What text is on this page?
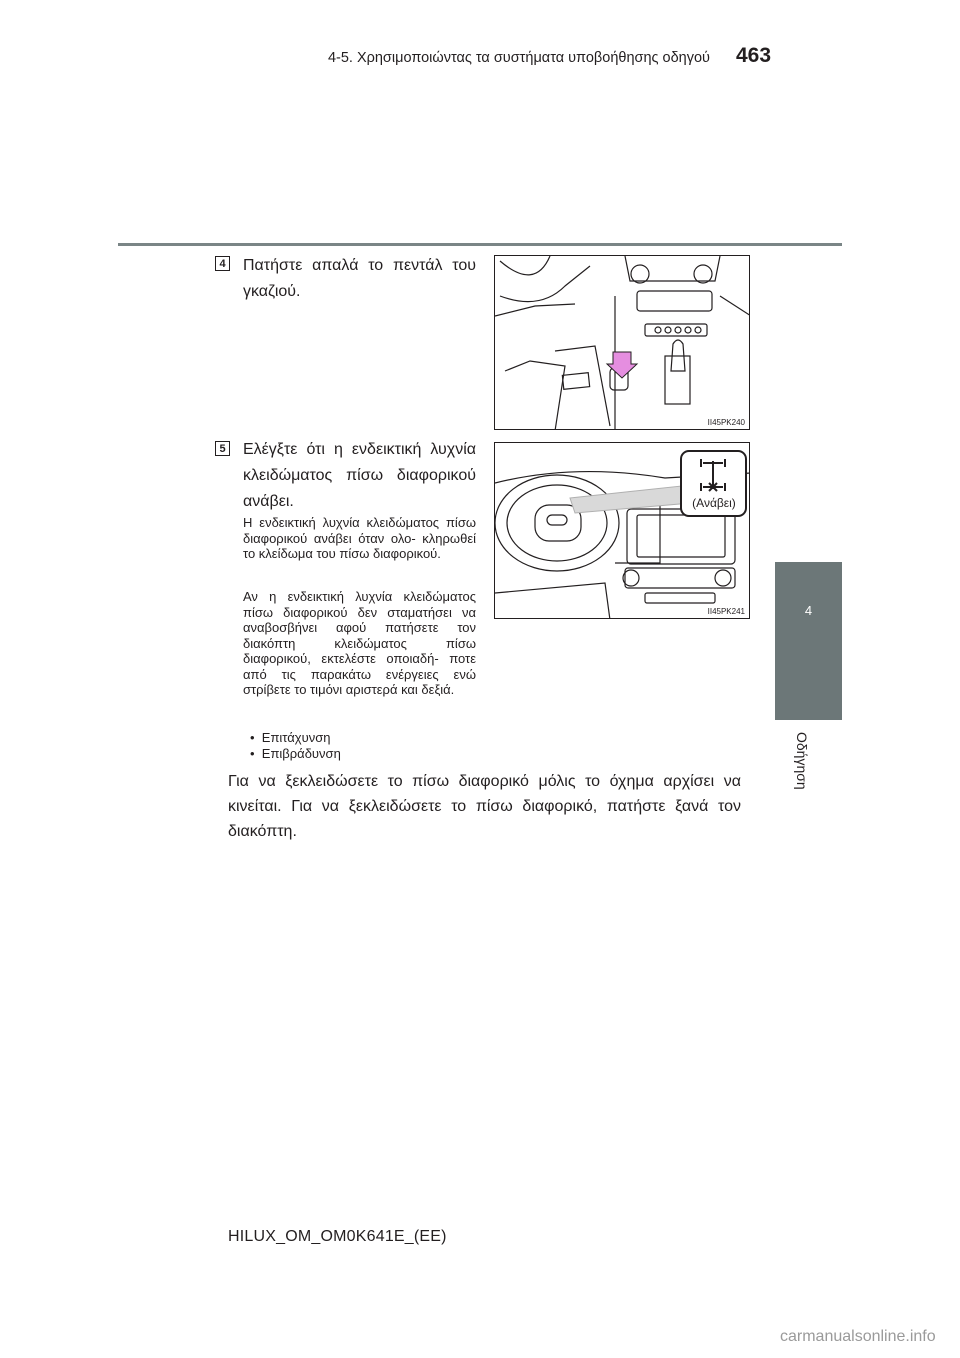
4-5. Χρησιμοποιώντας τα συστήματα υποβοήθησης οδηγού 463
4
Οδήγηση
4 Πατήστε απαλά το πεντάλ του γκαζιού.
II45PK240
5 Ελέγξτε ότι η ενδεικτική λυχνία κλειδώματος πίσω διαφορικού ανάβει.	(Ανάβει)
II45PK241
Η ενδεικτική λυχνία κλειδώματος πίσω διαφορικού ανάβει όταν ολο- κληρωθεί το κλείδωμα του πίσω διαφορικού.
Αν η ενδεικτική λυχνία κλειδώματος πίσω διαφορικού δεν σταματήσει να αναβοσβήνει αφού πατήσετε τον διακόπτη κλειδώματος πίσω διαφορικού, εκτελέστε οποιαδή- ποτε από τις παρακάτω ενέργειες ενώ στρίβετε το τιμόνι αριστερά και δεξιά.
•  Επιτάχυνση
•  Επιβράδυνση
Για να ξεκλειδώσετε το πίσω διαφορικό μόλις το όχημα αρχίσει να κινείται. Για να ξεκλειδώσετε το πίσω διαφορικό, πατήστε ξανά τον διακόπτη.
HILUX_OM_OM0K641E_(EE)
carmanualsonline.info
